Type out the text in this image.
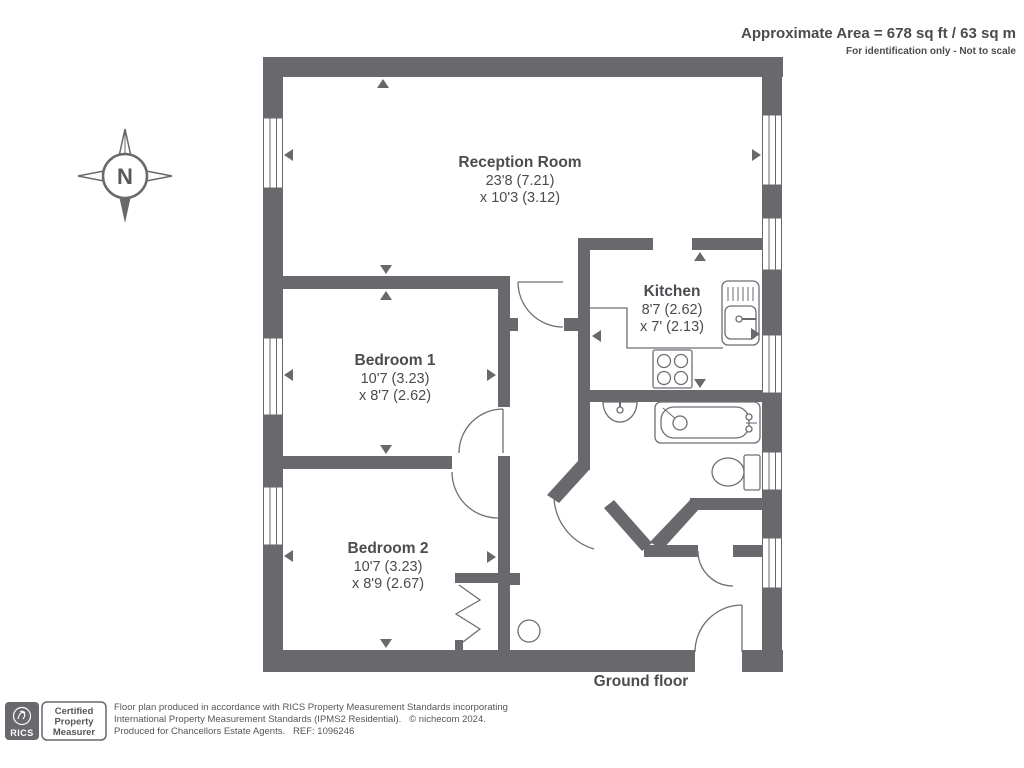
N
Reception Room
23'8 (7.21)
x 10'3 (3.12)
Kitchen
8'7 (2.62)
x 7' (2.13)
Bedroom 1
10'7 (3.23)
x 8'7 (2.62)
Bedroom 2
10'7 (3.23)
x 8'9 (2.67)
Approximate Area = 678 sq ft / 63 sq m
For identification only - Not to scale
Ground floor
RICS
Certified
Property
Measurer
Floor plan produced in accordance with RICS Property Measurement Standards incorporating
International Property Measurement Standards (IPMS2 Residential).   © nichecom 2024.
Produced for Chancellors Estate Agents.   REF: 1096246
